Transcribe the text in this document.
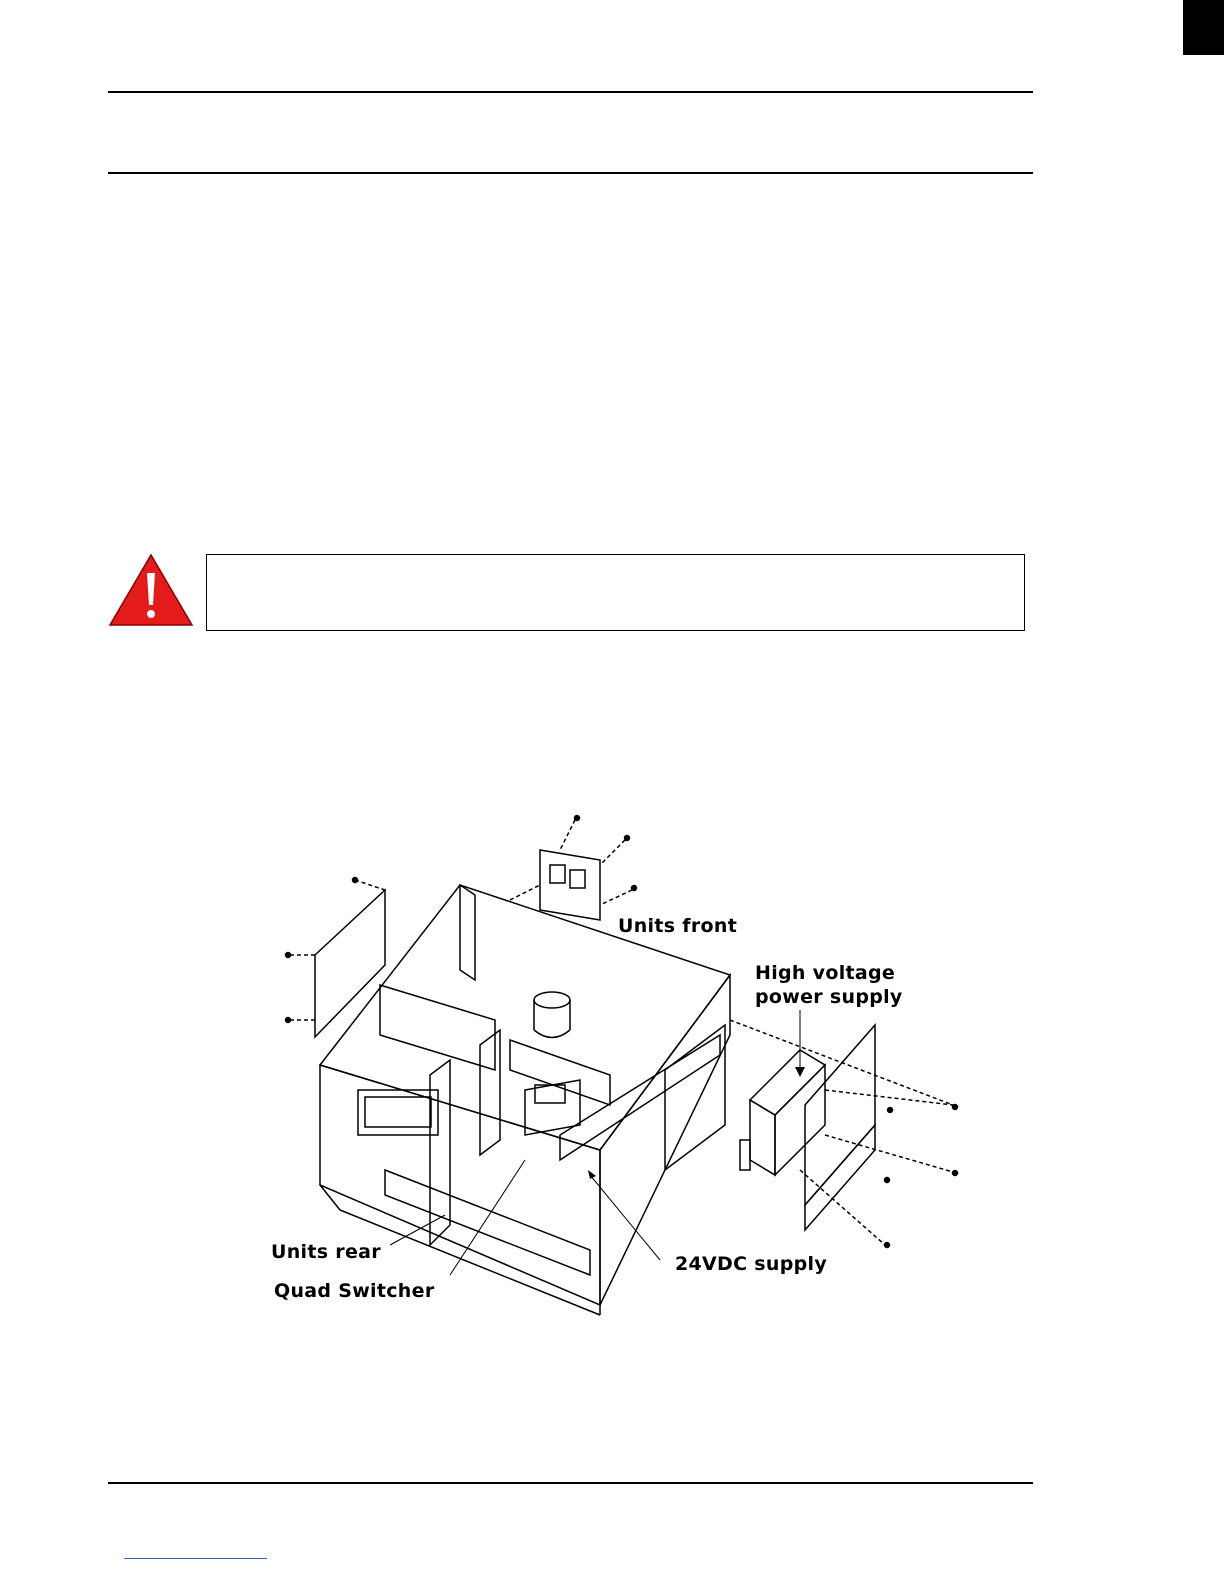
Units front
High voltage
power supply
Units rear
Quad Switcher
24VDC supply
